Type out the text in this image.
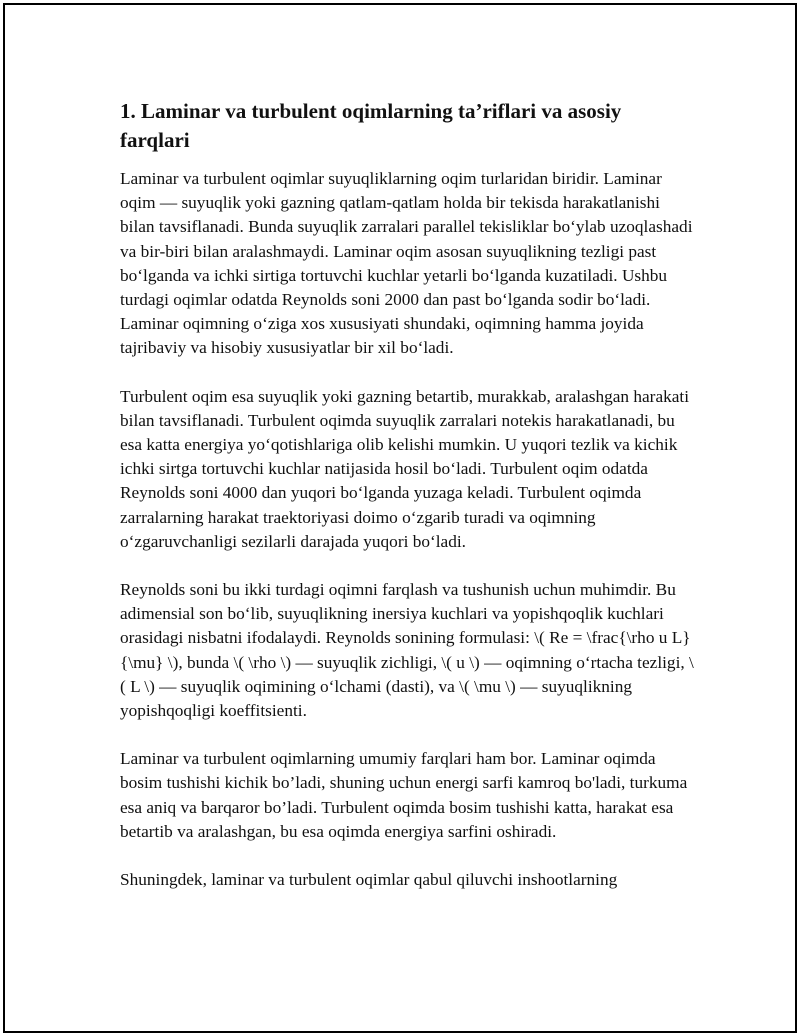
1. Laminar va turbulent oqimlarning ta’riflari va asosiy farqlari

Laminar va turbulent oqimlar suyuqliklarning oqim turlaridan biridir. Laminar oqim — suyuqlik yoki gazning qatlam-qatlam holda bir tekisda harakatlanishi bilan tavsiflanadi. Bunda suyuqlik zarralari parallel tekisliklar bo‘ylab uzoqlashadi va bir-biri bilan aralashmaydi. Laminar oqim asosan suyuqlikning tezligi past bo‘lganda va ichki sirtiga tortuvchi kuchlar yetarli bo‘lganda kuzatiladi. Ushbu turdagi oqimlar odatda Reynolds soni 2000 dan past bo‘lganda sodir bo‘ladi. Laminar oqimning o‘ziga xos xususiyati shundaki, oqimning hamma joyida tajribaviy va hisobiy xususiyatlar bir xil bo‘ladi.

Turbulent oqim esa suyuqlik yoki gazning betartib, murakkab, aralashgan harakati bilan tavsiflanadi. Turbulent oqimda suyuqlik zarralari notekis harakatlanadi, bu esa katta energiya yo‘qotishlariga olib kelishi mumkin. U yuqori tezlik va kichik ichki sirtga tortuvchi kuchlar natijasida hosil bo‘ladi. Turbulent oqim odatda Reynolds soni 4000 dan yuqori bo‘lganda yuzaga keladi. Turbulent oqimda zarralarning harakat traektoriyasi doimo o‘zgarib turadi va oqimning o‘zgaruvchanligi sezilarli darajada yuqori bo‘ladi.

Reynolds soni bu ikki turdagi oqimni farqlash va tushunish uchun muhimdir. Bu adimensial son bo‘lib, suyuqlikning inersiya kuchlari va yopishqoqlik kuchlari orasidagi nisbatni ifodalaydi. Reynolds sonining formulasi: \( Re = \frac{\rho u L}{\mu} \), bunda \( \rho \) — suyuqlik zichligi, \( u \) — oqimning o‘rtacha tezligi, \( L \) — suyuqlik oqimining o‘lchami (dasti), va \( \mu \) — suyuqlikning yopishqoqligi koeffitsienti.

Laminar va turbulent oqimlarning umumiy farqlari ham bor. Laminar oqimda bosim tushishi kichik bo’ladi, shuning uchun energi sarfi kamroq bo'ladi, turkuma esa aniq va barqaror bo’ladi. Turbulent oqimda bosim tushishi katta, harakat esa betartib va aralashgan, bu esa oqimda energiya sarfini oshiradi.

Shuningdek, laminar va turbulent oqimlar qabul qiluvchi inshootlarning
